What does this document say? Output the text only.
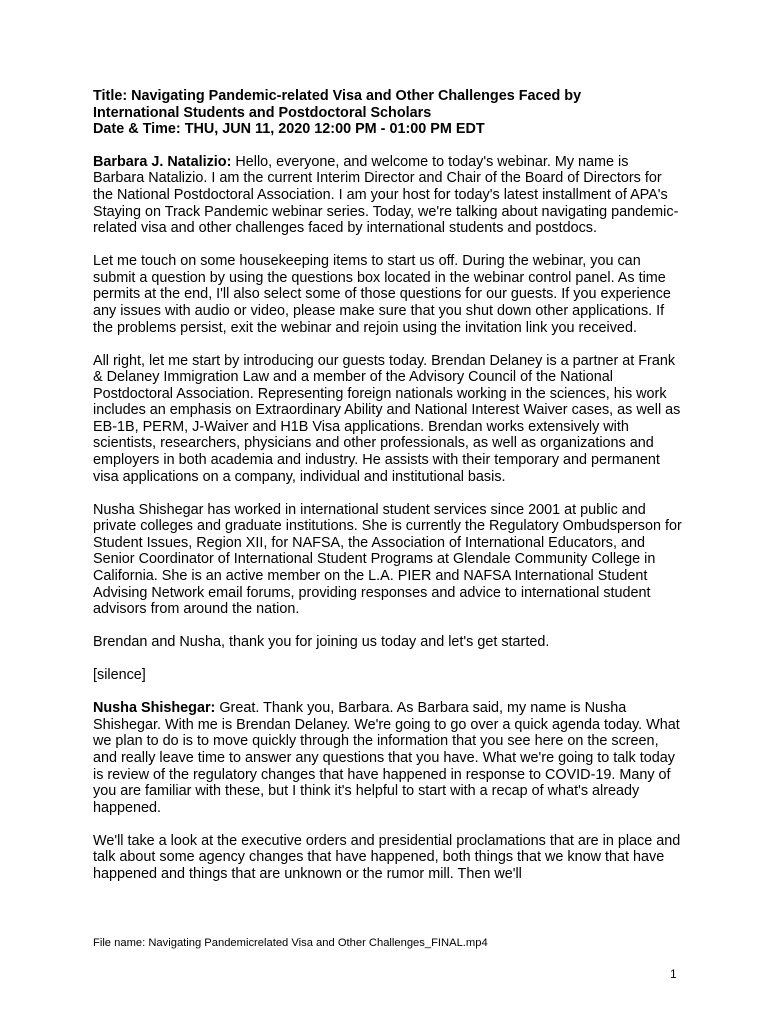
Title: Navigating Pandemic-related Visa and Other Challenges Faced by
International Students and Postdoctoral Scholars
Date & Time: THU, JUN 11, 2020 12:00 PM - 01:00 PM EDT

Barbara J. Natalizio: Hello, everyone, and welcome to today's webinar. My name is Barbara Natalizio. I am the current Interim Director and Chair of the Board of Directors for the National Postdoctoral Association. I am your host for today's latest installment of APA's Staying on Track Pandemic webinar series. Today, we're talking about navigating pandemic-related visa and other challenges faced by international students and postdocs.

Let me touch on some housekeeping items to start us off. During the webinar, you can submit a question by using the questions box located in the webinar control panel. As time permits at the end, I'll also select some of those questions for our guests. If you experience any issues with audio or video, please make sure that you shut down other applications. If the problems persist, exit the webinar and rejoin using the invitation link you received.

All right, let me start by introducing our guests today. Brendan Delaney is a partner at Frank & Delaney Immigration Law and a member of the Advisory Council of the National Postdoctoral Association. Representing foreign nationals working in the sciences, his work includes an emphasis on Extraordinary Ability and National Interest Waiver cases, as well as EB-1B, PERM, J-Waiver and H1B Visa applications. Brendan works extensively with scientists, researchers, physicians and other professionals, as well as organizations and employers in both academia and industry. He assists with their temporary and permanent visa applications on a company, individual and institutional basis.

Nusha Shishegar has worked in international student services since 2001 at public and private colleges and graduate institutions. She is currently the Regulatory Ombudsperson for Student Issues, Region XII, for NAFSA, the Association of International Educators, and Senior Coordinator of International Student Programs at Glendale Community College in California. She is an active member on the L.A. PIER and NAFSA International Student Advising Network email forums, providing responses and advice to international student advisors from around the nation.

Brendan and Nusha, thank you for joining us today and let's get started.

[silence]

Nusha Shishegar: Great. Thank you, Barbara. As Barbara said, my name is Nusha Shishegar. With me is Brendan Delaney. We're going to go over a quick agenda today. What we plan to do is to move quickly through the information that you see here on the screen, and really leave time to answer any questions that you have. What we're going to talk today is review of the regulatory changes that have happened in response to COVID-19. Many of you are familiar with these, but I think it's helpful to start with a recap of what's already happened.

We'll take a look at the executive orders and presidential proclamations that are in place and talk about some agency changes that have happened, both things that we know that have happened and things that are unknown or the rumor mill. Then we'll

File name: Navigating Pandemicrelated Visa and Other Challenges_FINAL.mp4
1
